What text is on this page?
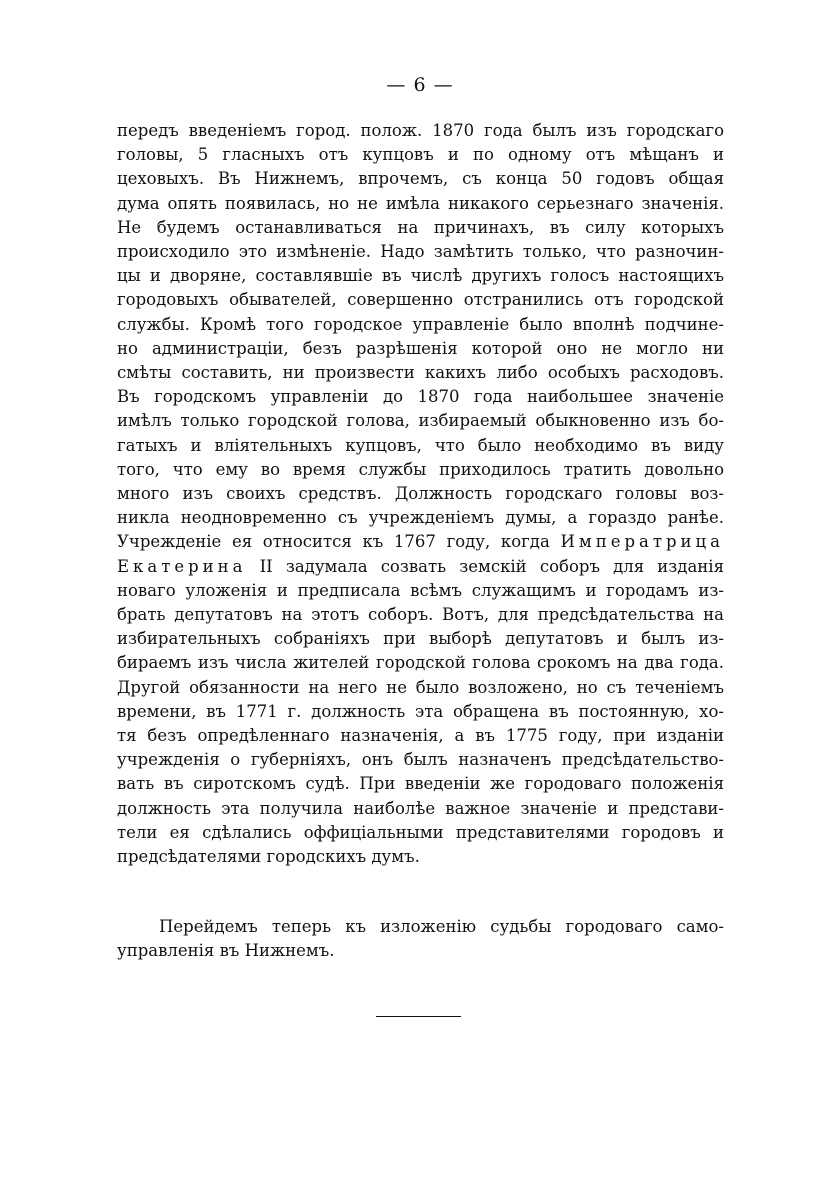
— 6 —
передъ введеніемъ город. полож. 1870 года былъ изъ городскаго
головы, 5 гласныхъ отъ купцовъ и по одному отъ мѣщанъ и
цеховыхъ. Въ Нижнемъ, впрочемъ, съ конца 50 годовъ общая
дума опять появилась, но не имѣла никакого серьезнаго значенія.
Не будемъ останавливаться на причинахъ, въ силу которыхъ
происходило это измѣненіе. Надо замѣтить только, что разночин-
цы и дворяне, составлявшіе въ числѣ другихъ голосъ настоящихъ
городовыхъ обывателей, совершенно отстранились отъ городской
службы. Кромѣ того городское управленіе было вполнѣ подчине-
но администраціи, безъ разрѣшенія которой оно не могло ни
смѣты составить, ни произвести какихъ либо особыхъ расходовъ.
Въ городскомъ управленіи до 1870 года наибольшее значеніе
имѣлъ только городской голова, избираемый обыкновенно изъ бо-
гатыхъ и вліятельныхъ купцовъ, что было необходимо въ виду
того, что ему во время службы приходилось тратить довольно
много изъ своихъ средствъ. Должность городскаго головы воз-
никла неодновременно съ учрежденіемъ думы, а гораздо ранѣе.
Учрежденіе ея относится къ 1767 году, когда Императрица
Екатерина II задумала созвать земскій соборъ для изданія
новаго уложенія и предписала всѣмъ служащимъ и городамъ из-
брать депутатовъ на этотъ соборъ. Вотъ, для предсѣдательства на
избирательныхъ собраніяхъ при выборѣ депутатовъ и былъ из-
бираемъ изъ числа жителей городской голова срокомъ на два года.
Другой обязанности на него не было возложено, но съ теченіемъ
времени, въ 1771 г. должность эта обращена въ постоянную, хо-
тя безъ опредѣленнаго назначенія, а въ 1775 году, при изданіи
учрежденія о губерніяхъ, онъ былъ назначенъ предсѣдательство-
вать въ сиротскомъ судѣ. При введеніи же городоваго положенія
должность эта получила наиболѣе важное значеніе и представи-
тели ея сдѣлались оффиціальными представителями городовъ и
предсѣдателями городскихъ думъ.
Перейдемъ теперь къ изложенію судьбы городоваго само-
управленія въ Нижнемъ.
